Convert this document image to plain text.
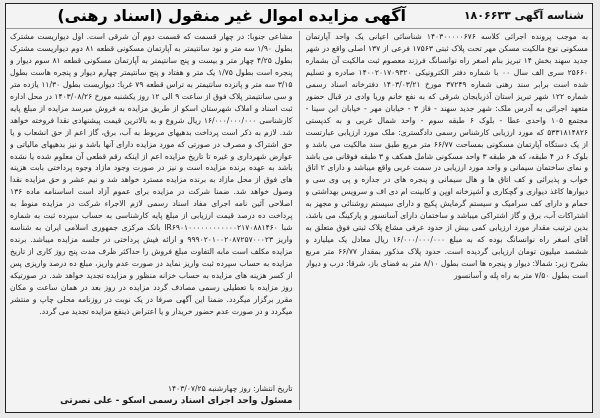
شناسه آگهی ۱۸۰۶۶۳۳
آگهی مزایده اموال غیر منقول (اسناد رهنی)
به موجب پرونده اجرائی کلاسه ۱۴۰۳۰۰۰۰۰۶۷۶ شناسائی اعیانی یک واحد آپارتمان مسکونی نوع مالکیت مسکن مهر تحت پلاک ثبتی ۱۷۵۶۳ فرعی از ۱۳۷ اصلی واقع در شهر جدید سهند بخش ۱۴ تبریز بنام اصغر راه نوانسانگ فرزند معصوم ثبت مالکیت آن بشماره ۲۵۶۶۰ سری الف سال ۰۰ با شماره دفتر الکترونیکی ۱۴۰۰۲۰۱۷۰۹۳۲۰ صادره و تسلیم شده است برابر سند رهنی شماره ۳۷۲۴۹ مورخ ۱۴۰۳/۰۳/۲۱ دفترخانه اسناد رسمی شماره ۱۲۲ شهر تبریز استان آذربایجان شرقی که به نفع خانم وریا وادی در قبال حضور متعهد اجرائی به آدرس ملک: شهر جدید سهند - فاز ۳ - خیابان مهر - خیابان ابن سینا - مجتمع ۱۰۵ واحدی عطا - بلوک ۶ طبقه سوم - واحد شمال غربی و به کدپستی ۵۳۳۱۸۱۴۸۲۶ که مورد ارزیابی کارشناس رسمی دادگستری: ملک مورد ارزیابی عبارتست از یک دستگاه آپارتمان مسکونی بمساحت ۶۶/۷۷ متر مربع طبق سند مالکیت می باشد و بلوک ۶ در ۴ طبقه، که هر طبقه ۳ واحد مسکونی شامل همکف و ۳ طبقه فوقانی می باشد و نمای ساختمان سیمانی و واحد مورد ارزیابی در سمت غربی واقع میباشد و دارای ۲ اتاق خواب و پذیرائی و کف اتاق ها و هال سیمانی و پنجره های در جداره و پی وی سی و دیوارها کاغذ دیواری و گچکاری و آشپزخانه اوپن و کابینت ام دی اف و سرویس بهداشتی و حمام و دارای کف سرامیک و سیستم گرمایش پکیج و دارای سیستم روشنائی و مجهز به اشتراکات آب، برق و گاز اشتراکی میباشد و ساختمان دارای آسانسور و پارکینگ می باشد، بدین ترتیب مقدار مورد ارزیابی کمی بیش از حدود عرفی مشاع پلاک ثبتی فوق متعلق به آقای اصغر راه نوانسانگ بوده که به مبلغ ۱۶/۰۰۰/۰۰۰/۰۰۰ ریال معادل یک میلیارد و ششصد میلیون تومان ارزیابی گردیده است. حدود پلاک مذکور بمقدار ۶۶/۷۷ متر مربع بشرح زیر: شمالا: دیوار و پنجره ها است بطول ۸/۱۰ متر به فضای باز، شرقا: درب و دیوار است بطول ۷/۵۰ متر به راه پله و آسانسور
مشاعی جنوبا: در چهار قسمت که قسمت دوم آن شرقی است. اول دیواریست مشترک بطول ۱/۹۰ سه متر و نود سانتیمتر به آپارتمان مسکونی قطعه ۸۱ دوم دیواریست مشترک بطول ۴/۲۵ چهار متر و بیست و پنج سانتیمتر به آپارتمان مسکونی قطعه ۸۱ سوم دیوار و پنجره است بطول ۱/۷۵ یک متر و هفتاد و پنج سانتیمتر چهارم دیوار و پنجره هاست بطول ۳/۱۵ سه متر و پانزده سانتیمتر به تراس قطعه ۷۹ غربا: دیواریست بطول ۱۱/۳۰ یازده متر و سی سانتیمتر پلاک فوق از ساعت ۹ الی ۱۲ روز یکشنبه مورخ ۱۴۰۳/۰۸/۲۶ در محل اداره ثبت اسناد و املاک شهرستان اسکو از طریق مزایده به فروش میرسد مزایده از مبلغ پایه کارشناسی ۱۶/۰۰۰/۰۰۰/۰۰۰ ریال شروع و به بالاترین قیمت پیشنهادی نقدا فروخته خواهد شد. لازم به ذکر است پرداخت بدهیهای مربوط به آب، برق، گاز اعم از حق انشعاب و یا حق اشتراک و مصرف در صورتی که مورد مزایده دارای آنها باشد و نیز بدهیهای مالیاتی و عوارض شهرداری و غیره تا تاریخ مزایده اعم از اینکه رقم قطعی آن معلوم شده یا نشده باشد به عهده برنده مزایده است و نیز در صورت وجود مازاد وجوه پرداختی بابت هزینه های فوق از محل مازاد به برنده مزایده مسترد خواهد شد و نیم عشر و حق مزایده نقدا وصول خواهد شد. ضمنا شرکت در مزایده برای عموم آزاد است اساسنامه ماده ۱۳۶ اصلاحی آئین نامه اجرای مفاد اسناد رسمی لازم الاجراء شرکت در مزایده منوط به پرداخت ده درصد قیمت ارزیابی از مبلغ پایه کارشناسی به حساب سپرده ثبت به شماره شبا IR۶۹۰۱۰۰۰۰۰۰۰۰۰۰۰۰۲۱۷۰۸۸۱۴۶۰ بانک مرکزی جمهوری اسلامی ایران به شناسه واریز ۹۹۹۰۲۰۱۰۰۲۰۸۷۲۵۷۰۰۰۲۳ و ارائه فیش پرداختی در جلسه مزایده میباشد. برنده مزایده مکلف است مابه التفاوت مبلغ فروش را حداکثر ظرف مدت پنج روز کاری از تاریخ مزایده به حساب سپرده ثبت واریز نماید در صورت عدم واریز، مبلغ ده درصد واریزی پس از کسر هزینه های مزایده به حساب خزانه منظور و مزایده تجدید خواهد شد. در صورتیکه روز مزایده با تعطیلی رسمی مصادف گردد مزایده در روز بعد در همان ساعت و مکان مقرر برگزار میگردد. ضمنا این آگهی صرفا در یک نوبت در روزنامه محلی چاپ و منتشر میگردد و در صورت عدم حضور خریدار و یا اعتراض ذینفع مزایده تجدید می گردد.
تاریخ انتشار: روز چهارشنبه ۱۴۰۳/۰۷/۲۵
مسئول واحد اجرای اسناد رسمی اسکو - علی نصرتی
